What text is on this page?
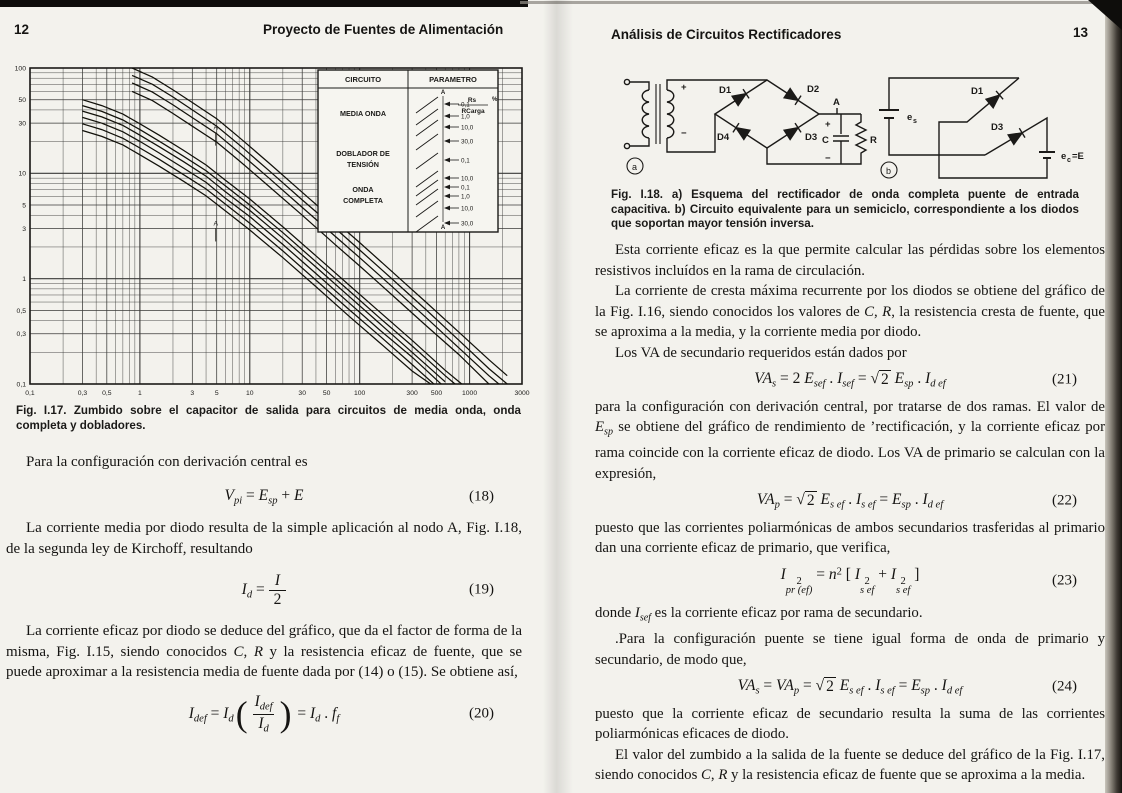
12	Proyecto de Fuentes de Alimentación
100
50
30
10
5
3
1
0,5
0,3
0,1
0,1	0,3 0,5	1	3	5	10	30 50	100	300 500	1000	3000
A
A
CIRCUITO	PARAMETRO
Rs
RCarga
%
A
A
MEDIA ONDA
0,1
1,0
10,0
30,0
DOBLADOR DE
TENSIÓN	0,1
10,0
ONDA
COMPLETA
0,1
1,0
10,0
30,0
Fig. I.17. Zumbido sobre el capacitor de salida para circuitos de media onda, onda completa y dobladores.

Para la configuración con derivación central es

$V_{pi} = E_{sp} + E$	(18)

La corriente media por diodo resulta de la simple aplicación al nodo A, Fig. I.18, de la segunda ley de Kirchoff, resultando

$I_d = \frac{I}{2}$	(19)

La corriente eficaz por diodo se deduce del gráfico, que da el factor de forma de la misma, Fig. I.15, siendo conocidos C, R y la resistencia eficaz de fuente, que se puede aproximar a la resistencia media de fuente dada por (14) o (15). Se obtiene así,

$I_{def} = I_d( \frac{I_{def}}{I_d}$ ) = $I_d$ . $f_f$	(20)
Análisis de Circuitos Rectificadores	13
+
−
D1	D2
D4	D3
A
+
C	R
−
a
e s
D1
D3
e c =E
b
Fig. I.18. a) Esquema del rectificador de onda completa puente de entrada capacitiva. b) Circuito equivalente para un semiciclo, correspondiente a los diodos que soportan mayor tensión inversa.

Esta corriente eficaz es la que permite calcular las pérdidas sobre los elementos resistivos incluídos en la rama de circulación.

La corriente de cresta máxima recurrente por los diodos se obtiene del gráfico de la Fig. I.16, siendo conocidos los valores de C, R, la resistencia cresta de fuente, que se aproxima a la media, y la corriente media por diodo.

Los VA de secundario requeridos están dados por

$VA_s = 2$ $E_{sef}$ . $I_{sef}$ = √ 2 $E_{sp}$ . $I_{d ef}$	(21)

para la configuración con derivación central, por tratarse de dos ramas. El valor de $E_{sp}$ se obtiene del gráfico de rendimiento de ’rectificación, y la corriente eficaz por rama coincide con la corriente eficaz de diodo. Los VA de primario se calculan con la expresión,

$VA_p$ = √ 2 $E_{s ef}$ . $I_{s ef} = E_{sp}$ . $I_{d ef}$	(22)

puesto que las corrientes poliarmónicas de ambos secundarios trasferidas al primario dan una corriente eficaz de primario, que verifica,

I	2
pr (ef)
= $n^2$ [ I 2
s ef
+ I 2
s ef
]	(23)

donde $I_{sef}$ es la corriente eficaz por rama de secundario.

.Para la configuración puente se tiene igual forma de onda de primario y secundario, de modo que,

$VA_s = VA_p$ = √ 2 $E_{s ef}$ . $I_{s ef} = E_{sp}$ . $I_{d ef}$	(24)

puesto que la corriente eficaz de secundario resulta la suma de las corrientes poliarmónicas eficaces de diodo.

El valor del zumbido a la salida de la fuente se deduce del gráfico de la Fig. I.17, siendo conocidos C, R y la resistencia eficaz de fuente que se aproxima a la media.
